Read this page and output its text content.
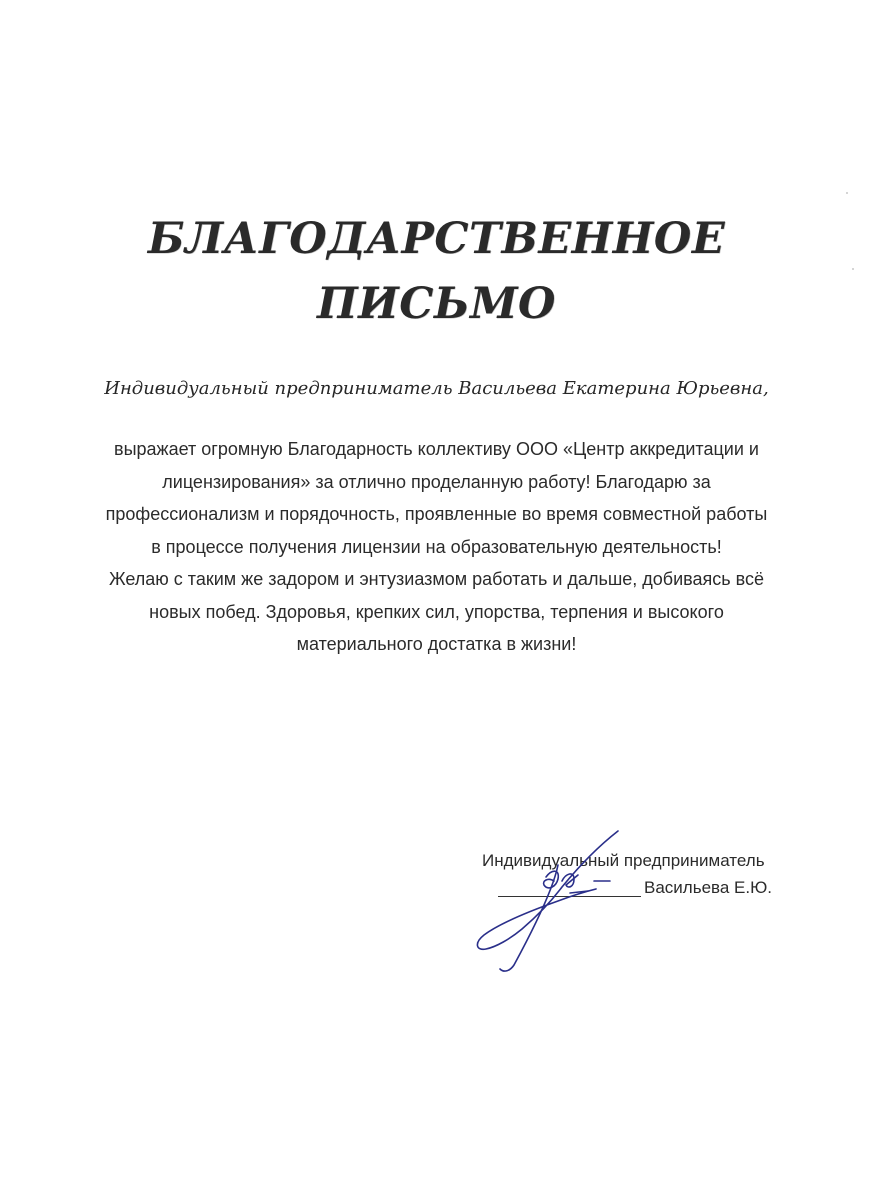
БЛАГОДАРСТВЕННОЕ
ПИСЬМО
Индивидуальный предприниматель Васильева Екатерина Юрьевна,
выражает огромную Благодарность коллективу ООО «Центр аккредитации и
лицензирования» за отлично проделанную работу! Благодарю за
профессионализм и порядочность, проявленные во время совместной работы
в процессе получения лицензии на образовательную деятельность!
Желаю с таким же задором и энтузиазмом работать и дальше, добиваясь всё
новых побед. Здоровья, крепких сил, упорства, терпения и высокого
материального достатка в жизни!
Индивидуальный предприниматель
Васильева Е.Ю.
